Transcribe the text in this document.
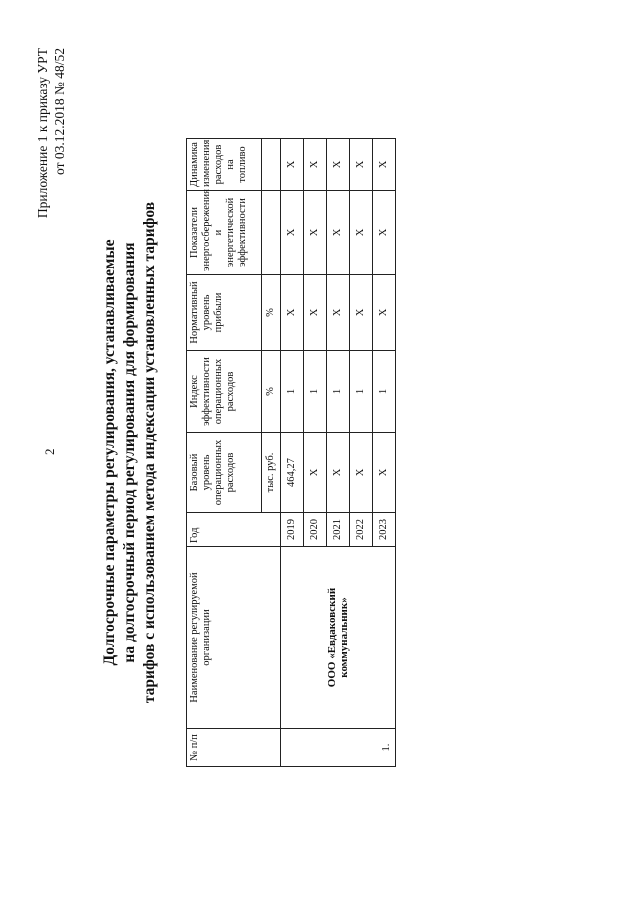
Приложение 1 к приказу УРТ от 03.12.2018 № 48/52
2	Долгосрочные параметры регулирования, устанавливаемые на долгосрочный период регулирования для формирования тарифов с использованием метода индексации установленных тарифов
№ п/п	Наименование регулируемой организации	Год	Базовый уровень операционных расходов	Индекс эффективности операционных расходов	Нормативный уровень прибыли	Показатели энергосбережения и энергетической эффективности	Динамика изменения расходов на топливо
			тыс. руб.	%	%		
1.	ООО «Евдаковский коммунальник»	2019	464,27	1	X	X	X
		2020	X	1	X	X	X
		2021	X	1	X	X	X
		2022	X	1	X	X	X
		2023	X	1	X	X	X
